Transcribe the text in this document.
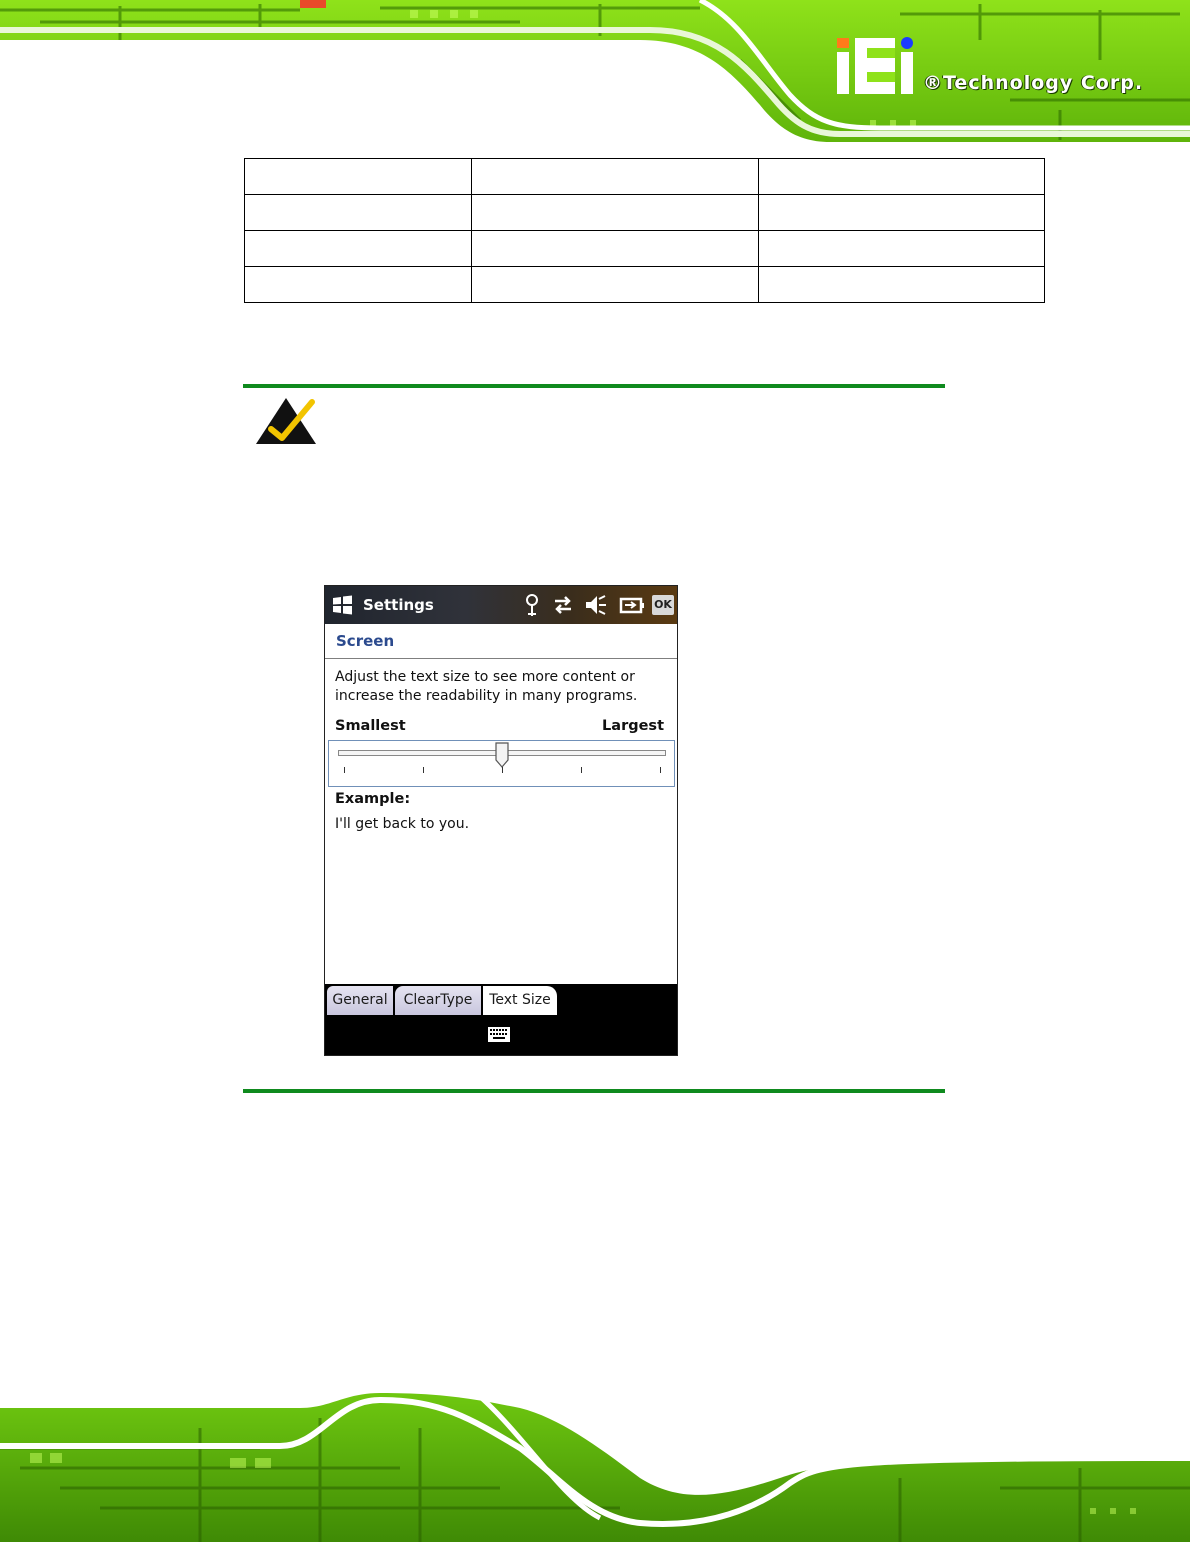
®Technology Corp.

Settings	OK
Screen
Adjust the text size to see more content or increase the readability in many programs.
Smallest	Largest
Example:
I'll get back to you.
General	ClearType	Text Size
